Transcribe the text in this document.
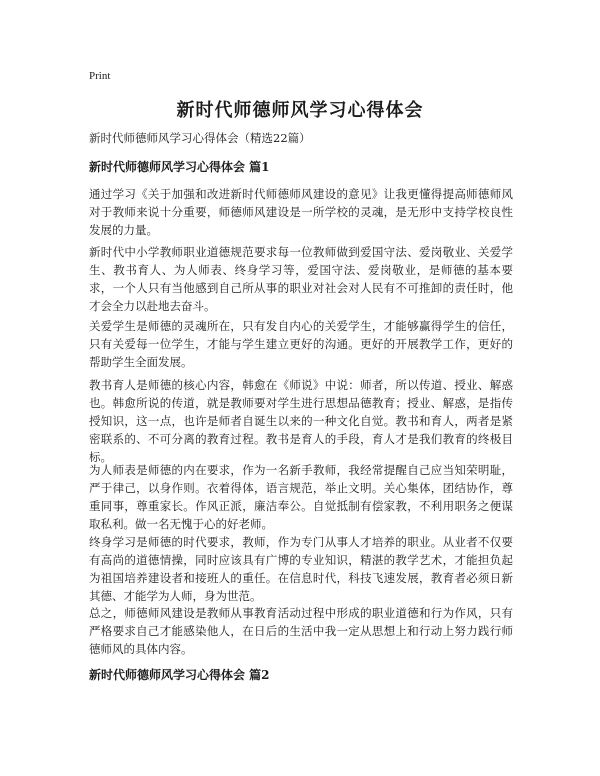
Print
新时代师德师风学习心得体会

新时代师德师风学习心得体会（精选22篇）

新时代师德师风学习心得体会 篇1

通过学习《关于加强和改进新时代师德师风建设的意见》让我更懂得提高师德师风对于教师来说十分重要，师德师风建设是一所学校的灵魂，是无形中支持学校良性发展的力量。

新时代中小学教师职业道德规范要求每一位教师做到爱国守法、爱岗敬业、关爱学生、教书育人、为人师表、终身学习等，爱国守法、爱岗敬业，是师德的基本要求，一个人只有当他感到自己所从事的职业对社会对人民有不可推卸的责任时，他才会全力以赴地去奋斗。

关爱学生是师德的灵魂所在，只有发自内心的关爱学生，才能够赢得学生的信任，只有关爱每一位学生，才能与学生建立更好的沟通。更好的开展教学工作，更好的帮助学生全面发展。

教书育人是师德的核心内容，韩愈在《师说》中说：师者，所以传道、授业、解惑也。韩愈所说的传道，就是教师要对学生进行思想品德教育；授业、解惑，是指传授知识，这一点，也许是师者自诞生以来的一种文化自觉。教书和育人，两者是紧密联系的、不可分离的教育过程。教书是育人的手段，育人才是我们教育的终极目标。

为人师表是师德的内在要求，作为一名新手教师，我经常提醒自己应当知荣明耻，严于律己，以身作则。衣着得体，语言规范，举止文明。关心集体，团结协作，尊重同事，尊重家长。作风正派，廉洁奉公。自觉抵制有偿家教，不利用职务之便谋取私利。做一名无愧于心的好老师。

终身学习是师德的时代要求，教师，作为专门从事人才培养的职业。从业者不仅要有高尚的道德情操，同时应该具有广博的专业知识，精湛的教学艺术，才能担负起为祖国培养建设者和接班人的重任。在信息时代，科技飞速发展，教育者必须日新其德、才能学为人师，身为世范。

总之，师德师风建设是教师从事教育活动过程中形成的职业道德和行为作风，只有严格要求自己才能感染他人，在日后的生活中我一定从思想上和行动上努力践行师德师风的具体内容。

新时代师德师风学习心得体会 篇2
